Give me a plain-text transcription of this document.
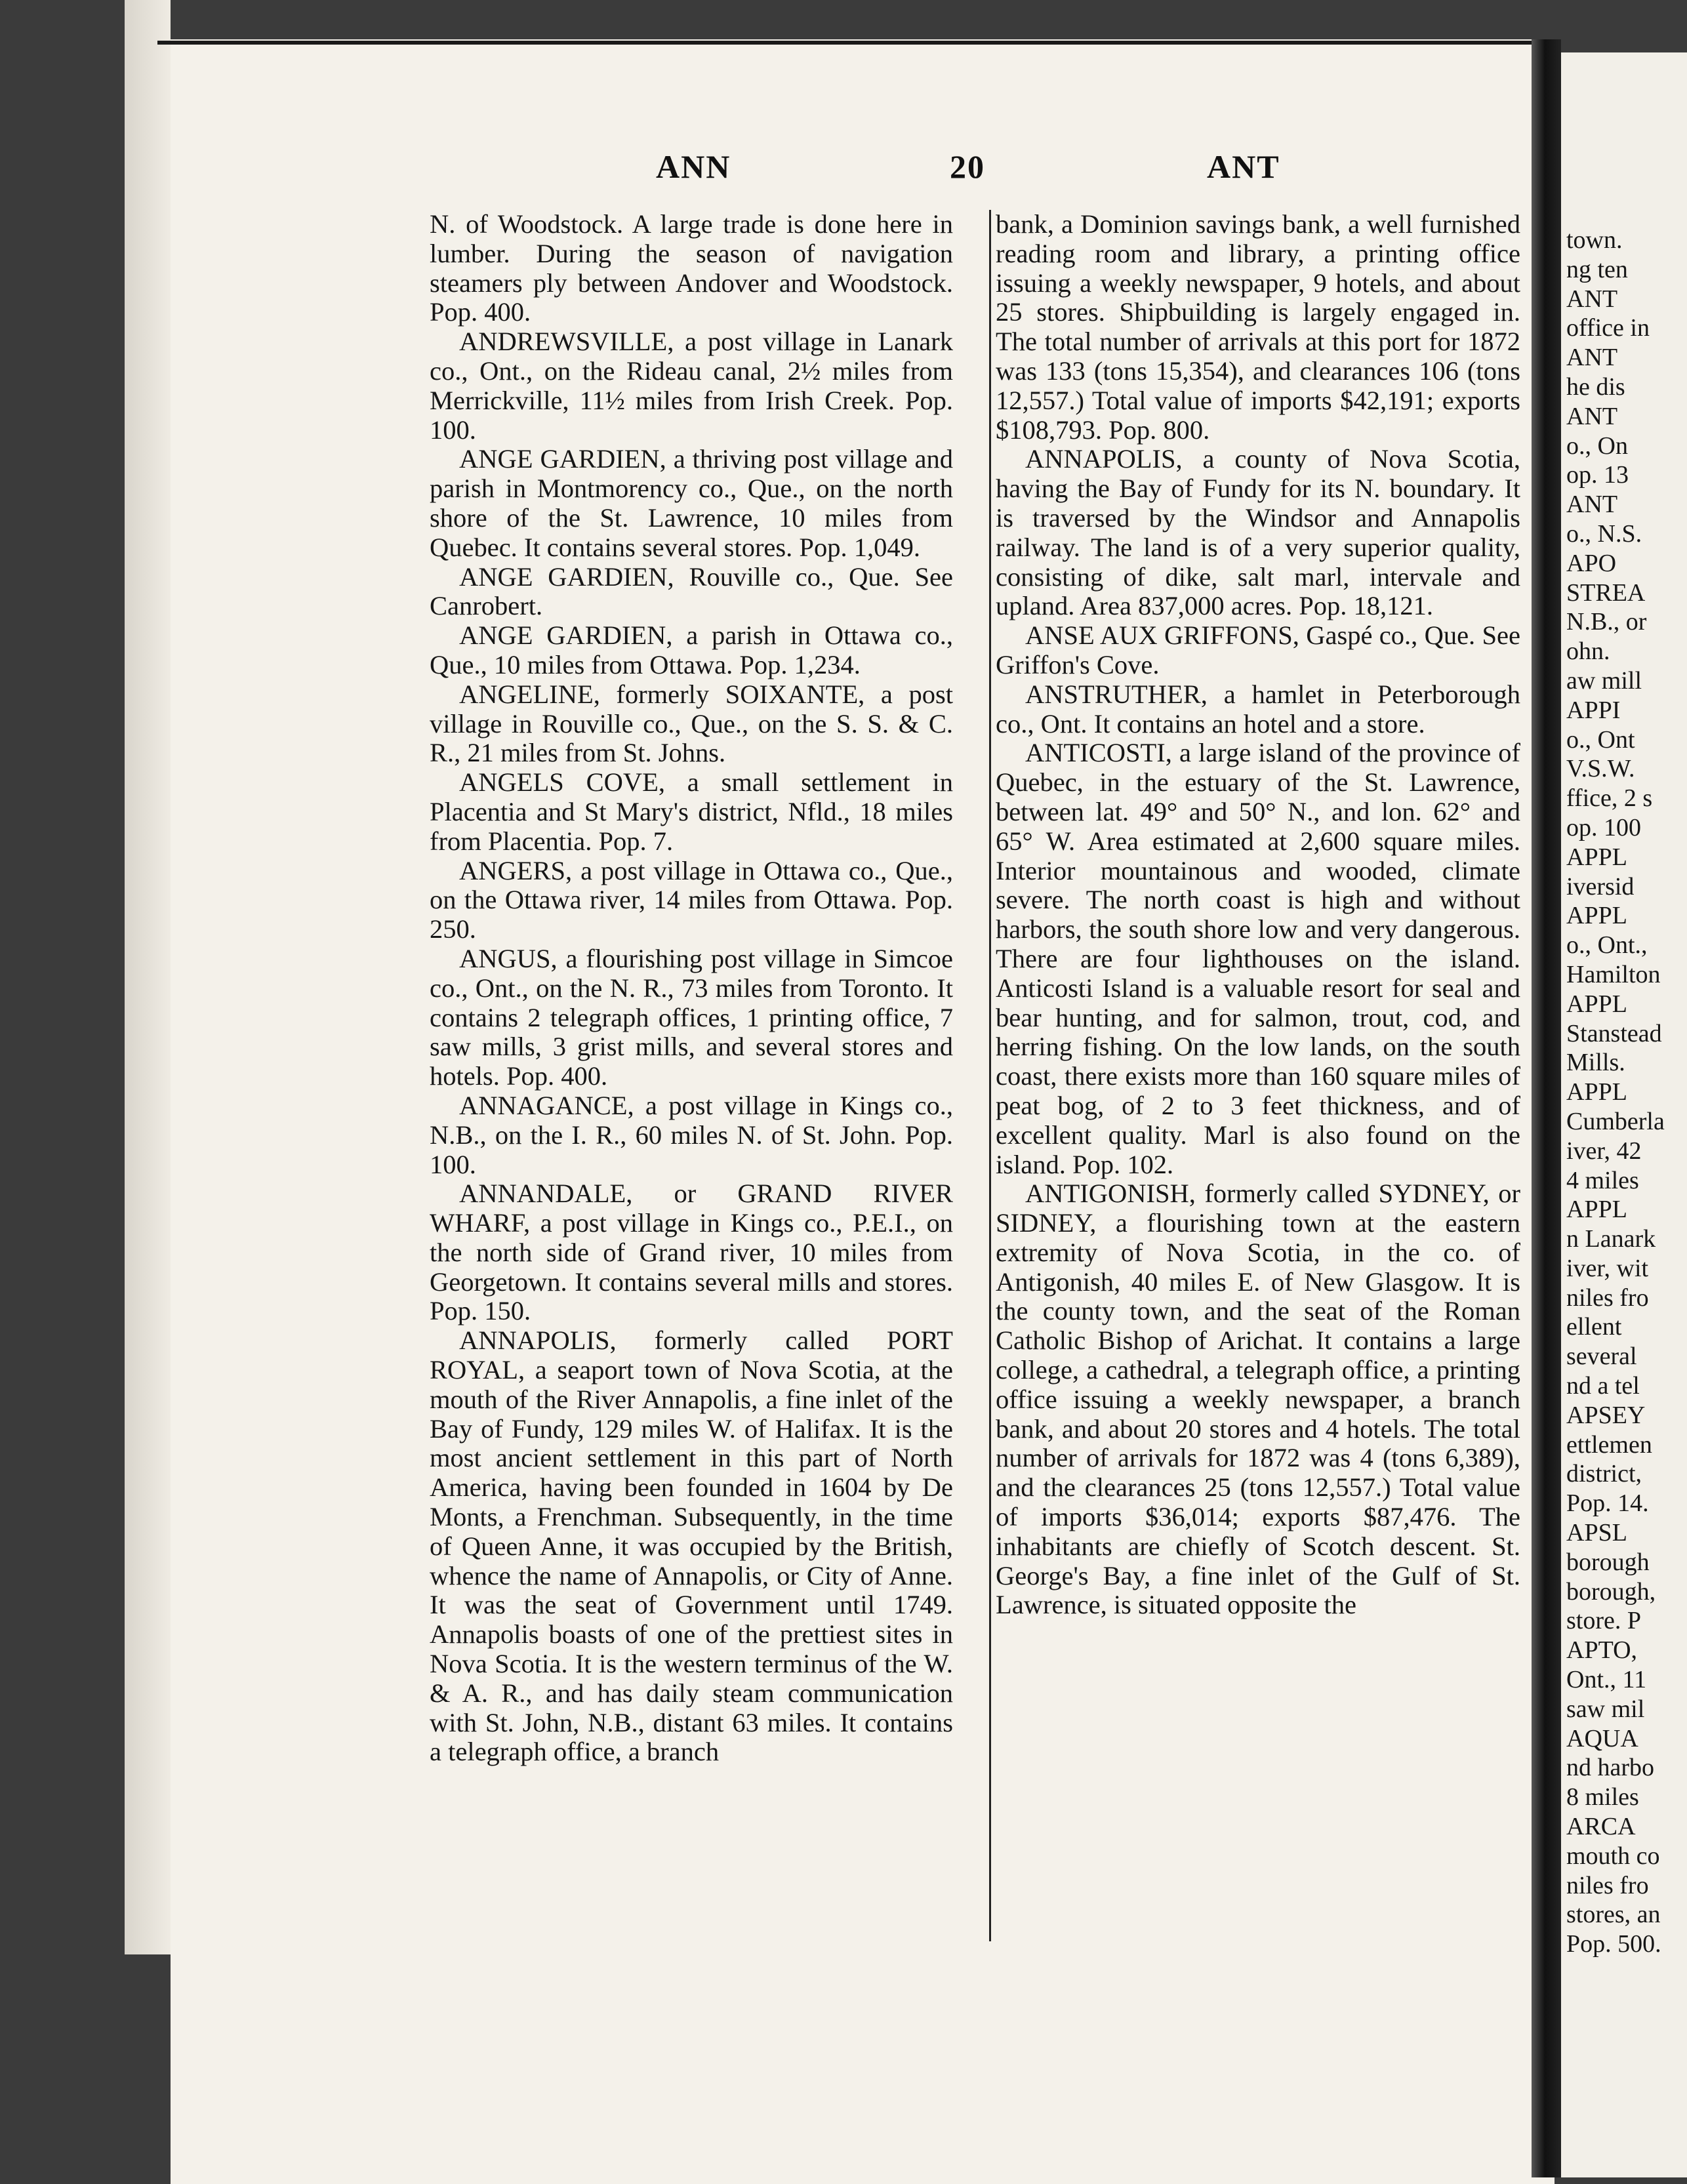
ANN	20	ANT

N. of Woodstock. A large trade is done here in lumber. During the season of navigation steamers ply between Andover and Woodstock. Pop. 400.

ANDREWSVILLE, a post village in Lanark co., Ont., on the Rideau canal, 2½ miles from Merrickville, 11½ miles from Irish Creek. Pop. 100.

ANGE GARDIEN, a thriving post village and parish in Montmorency co., Que., on the north shore of the St. Lawrence, 10 miles from Quebec. It contains several stores. Pop. 1,049.

ANGE GARDIEN, Rouville co., Que. See Canrobert.

ANGE GARDIEN, a parish in Ottawa co., Que., 10 miles from Ottawa. Pop. 1,234.

ANGELINE, formerly SOIXANTE, a post village in Rouville co., Que., on the S. S. & C. R., 21 miles from St. Johns.

ANGELS COVE, a small settlement in Placentia and St Mary's district, Nfld., 18 miles from Placentia. Pop. 7.

ANGERS, a post village in Ottawa co., Que., on the Ottawa river, 14 miles from Ottawa. Pop. 250.

ANGUS, a flourishing post village in Simcoe co., Ont., on the N. R., 73 miles from Toronto. It contains 2 telegraph offices, 1 printing office, 7 saw mills, 3 grist mills, and several stores and hotels. Pop. 400.

ANNAGANCE, a post village in Kings co., N.B., on the I. R., 60 miles N. of St. John. Pop. 100.

ANNANDALE, or GRAND RIVER WHARF, a post village in Kings co., P.E.I., on the north side of Grand river, 10 miles from Georgetown. It contains several mills and stores. Pop. 150.

ANNAPOLIS, formerly called PORT ROYAL, a seaport town of Nova Scotia, at the mouth of the River Annapolis, a fine inlet of the Bay of Fundy, 129 miles W. of Halifax. It is the most ancient settlement in this part of North America, having been founded in 1604 by De Monts, a Frenchman. Subsequently, in the time of Queen Anne, it was occupied by the British, whence the name of Annapolis, or City of Anne. It was the seat of Government until 1749. Annapolis boasts of one of the prettiest sites in Nova Scotia. It is the western terminus of the W. & A. R., and has daily steam communication with St. John, N.B., distant 63 miles. It contains a telegraph office, a branch

bank, a Dominion savings bank, a well furnished reading room and library, a printing office issuing a weekly newspaper, 9 hotels, and about 25 stores. Shipbuilding is largely engaged in. The total number of arrivals at this port for 1872 was 133 (tons 15,354), and clearances 106 (tons 12,557.) Total value of imports $42,191; exports $108,793. Pop. 800.

ANNAPOLIS, a county of Nova Scotia, having the Bay of Fundy for its N. boundary. It is traversed by the Windsor and Annapolis railway. The land is of a very superior quality, consisting of dike, salt marl, intervale and upland. Area 837,000 acres. Pop. 18,121.

ANSE AUX GRIFFONS, Gaspé co., Que. See Griffon's Cove.

ANSTRUTHER, a hamlet in Peterborough co., Ont. It contains an hotel and a store.

ANTICOSTI, a large island of the province of Quebec, in the estuary of the St. Lawrence, between lat. 49° and 50° N., and lon. 62° and 65° W. Area estimated at 2,600 square miles. Interior mountainous and wooded, climate severe. The north coast is high and without harbors, the south shore low and very dangerous. There are four lighthouses on the island. Anticosti Island is a valuable resort for seal and bear hunting, and for salmon, trout, cod, and herring fishing. On the low lands, on the south coast, there exists more than 160 square miles of peat bog, of 2 to 3 feet thickness, and of excellent quality. Marl is also found on the island. Pop. 102.

ANTIGONISH, formerly called SYDNEY, or SIDNEY, a flourishing town at the eastern extremity of Nova Scotia, in the co. of Antigonish, 40 miles E. of New Glasgow. It is the county town, and the seat of the Roman Catholic Bishop of Arichat. It contains a large college, a cathedral, a telegraph office, a printing office issuing a weekly newspaper, a branch bank, and about 20 stores and 4 hotels. The total number of arrivals for 1872 was 4 (tons 6,389), and the clearances 25 (tons 12,557.) Total value of imports $36,014; exports $87,476. The inhabitants are chiefly of Scotch descent. St. George's Bay, a fine inlet of the Gulf of St. Lawrence, is situated opposite the

town.
ng ten
ANT
office in
ANT
he dis
ANT
o., On
op. 13
ANT
o., N.S.
APO
STREA
N.B., or
ohn.
aw mill
APPI
o., Ont
V.S.W.
ffice, 2 s
op. 100
APPL
iversid
APPL
o., Ont.,
Hamilton
APPL
Stanstead
Mills.
APPL
Cumberla
iver, 42
4 miles
APPL
n Lanark
iver, wit
niles fro
ellent
several
nd a tel
APSEY
ettlemen
district,
Pop. 14.
APSL
borough
borough,
store. P
APTO,
Ont., 11
saw mil
AQUA
nd harbo
8 miles
ARCA
mouth co
niles fro
stores, an
Pop. 500.
